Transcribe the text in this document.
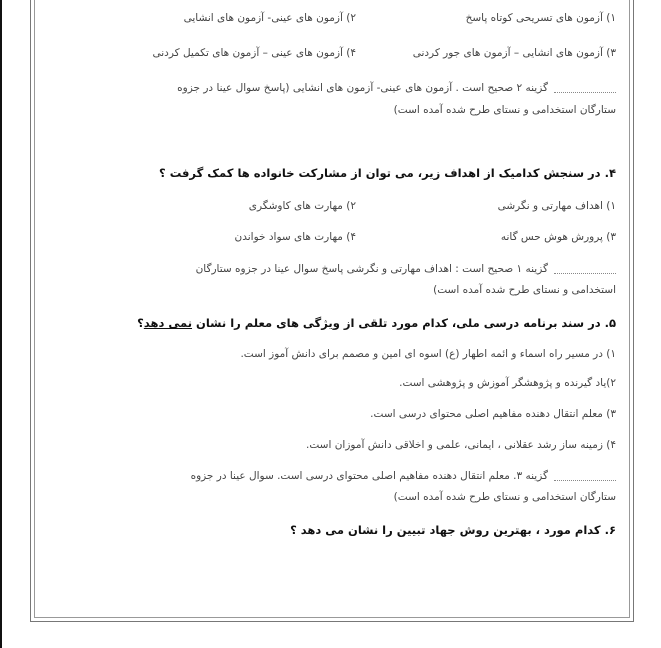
۱) آزمون های تسریحی کوتاه پاسخ
۲) آزمون های عینی- آزمون های انشایی
۳) آزمون های انشایی – آزمون های جور کردنی
۴) آزمون های عینی – آزمون های تکمیل کردنی
گزینه ۲ صحیح است . آزمون های عینی- آزمون های انشایی (پاسخ سوال عینا در جزوه
ستارگان استخدامی و نستای طرح شده آمده است)
۴. در سنجش کدامیک از اهداف زیر، می توان از مشارکت خانواده ها کمک گرفت ؟
۱) اهداف مهارتی و نگرشی
۲) مهارت های کاوشگری
۳) پرورش هوش حس گانه
۴) مهارت های سواد خواندن
گزینه ۱ صحیح است : اهداف مهارتی و نگرشی پاسخ سوال عینا در جزوه ستارگان
استخدامی و نستای طرح شده آمده است)
۵. در سند برنامه درسی ملی، کدام مورد تلقی از ویژگی های معلم را نشان نمی دهد؟
۱) در مسیر راه اسماء و ائمه اطهار (ع) اسوه ای امین و مصمم برای دانش آموز است.
۲)یاد گیرنده و پژوهشگر آموزش و پژوهشی است.
۳) معلم انتقال دهنده مفاهیم اصلی محتوای درسی است.
۴) زمینه ساز رشد عقلانی ، ایمانی، علمی و اخلاقی دانش آموزان است.
گزینه ۳. معلم انتقال دهنده مفاهیم اصلی محتوای درسی است. سوال عینا در جزوه
ستارگان استخدامی و نستای طرح شده آمده است)
۶. کدام مورد ، بهترین روش جهاد تبیین را نشان می دهد ؟
